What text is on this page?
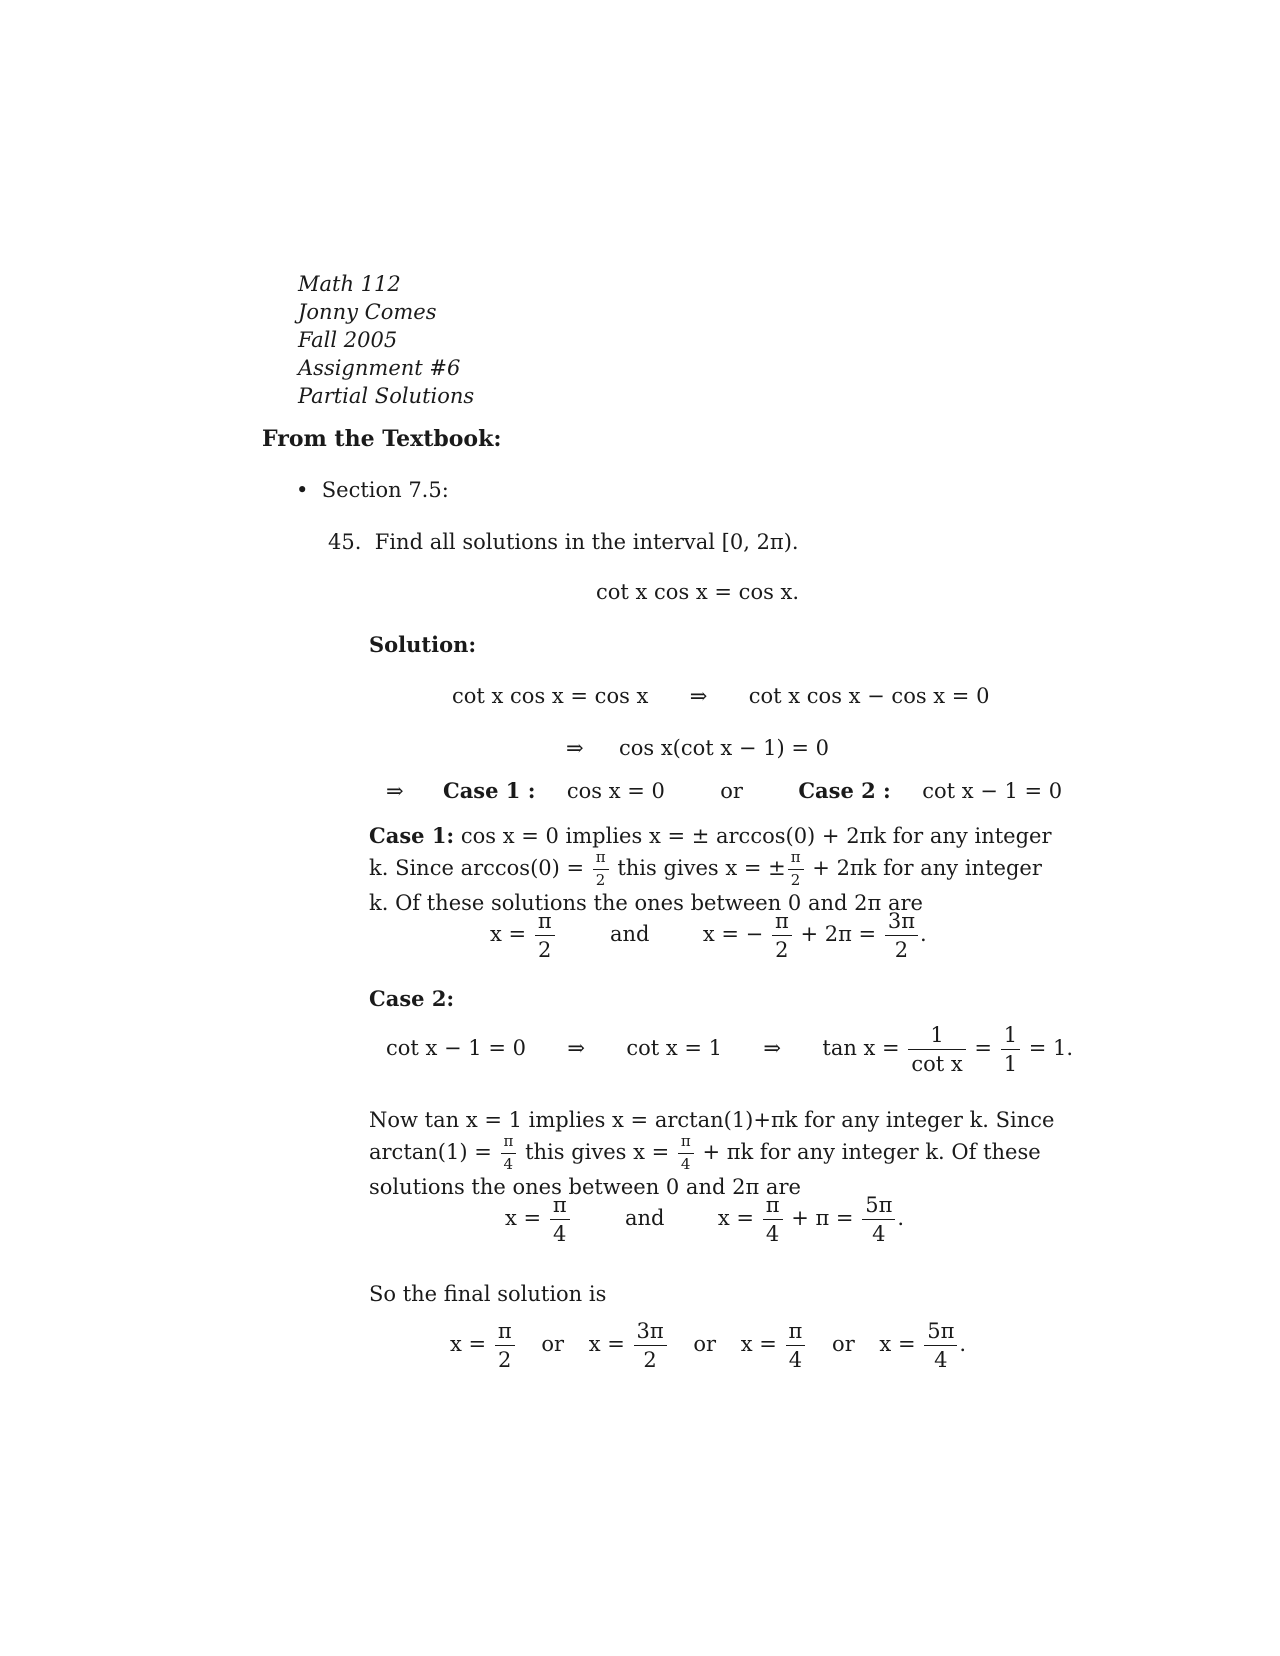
Math 112
Jonny Comes
Fall 2005
Assignment #6
Partial Solutions
From the Textbook:
• Section 7.5:
45. Find all solutions in the interval [0, 2π).
cot x cos x = cos x.
Solution:
cot x cos x = cos x ⇒ cot x cos x − cos x = 0
⇒ cos x(cot x − 1) = 0
⇒ Case 1 : cos x = 0	or	Case 2 : cot x − 1 = 0
Case 1: cos x = 0 implies x = ± arccos(0) + 2πk for any integer
k. Since $\arccos(0) = \frac{\pi}{2}$ this gives x = ± $\frac{\pi}{2} + 2\pi k$ for any integer
k. Of these solutions the ones between 0 and 2π are
$x = \frac{\pi}{2}$	and	x = − $\frac{\pi}{2} + 2\pi = \frac{3\pi}{2}$ .
Case 2:
cot x − 1 = 0 ⇒ cot x = 1 ⇒ $\tan x = \frac{1}{\text{cot x}} = \frac{1}{1} = 1$.
Now tan x = 1 implies x = arctan(1)+πk for any integer k. Since
$\arctan(1) = \frac{\pi}{4}$ this gives $x = \frac{\pi}{4} + \pi k$ for any integer k. Of these
solutions the ones between 0 and 2π are
$x = \frac{\pi}{4}$	and	$x = \frac{\pi}{4} + \pi = \frac{5\pi}{4}$ .
So the final solution is
$x = \frac{\pi}{2}$ or $x = \frac{3\pi}{2}$ or $x = \frac{\pi}{4}$ or $x = \frac{5\pi}{4}$ .
